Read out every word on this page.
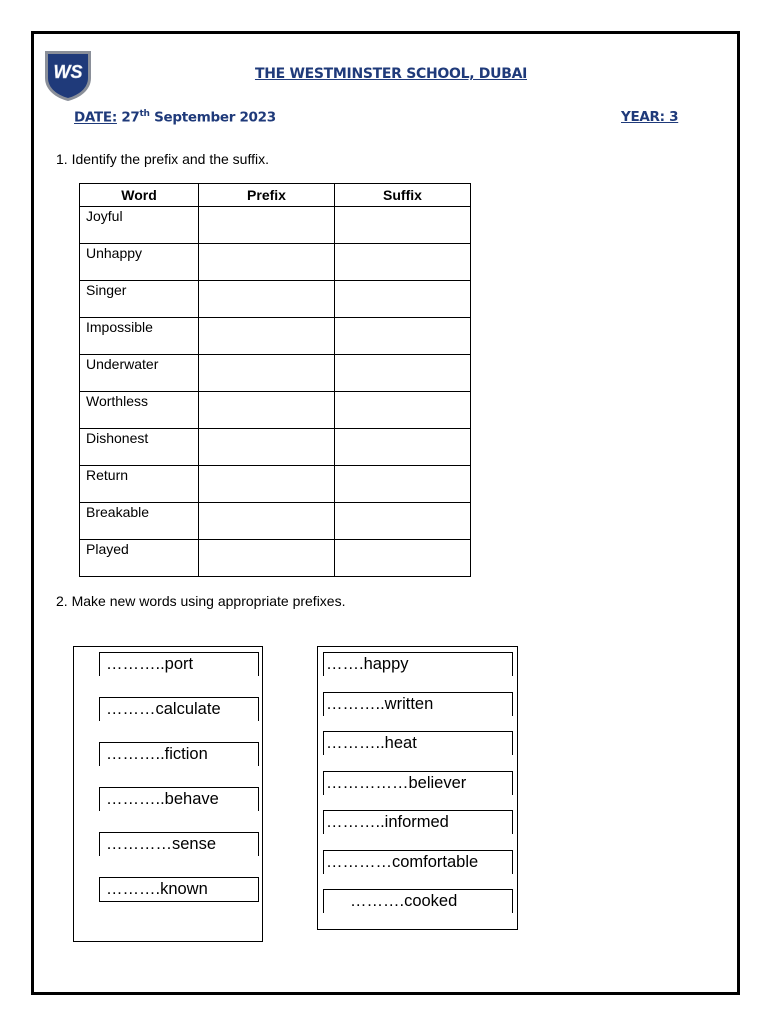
WS	THE WESTMINSTER SCHOOL, DUBAI
DATE: 27th September 2023	YEAR: 3
1. Identify the prefix and the suffix.
Word	Prefix	Suffix
Joyful		
Unhappy		
Singer		
Impossible		
Underwater		
Worthless		
Dishonest		
Return		
Breakable		
Played		
2. Make new words using appropriate prefixes.
………..port
………calculate
………..fiction
………..behave
…………sense
……….known
…….happy
………..written
………..heat
……………believer
………..informed
…………comfortable
……….cooked
